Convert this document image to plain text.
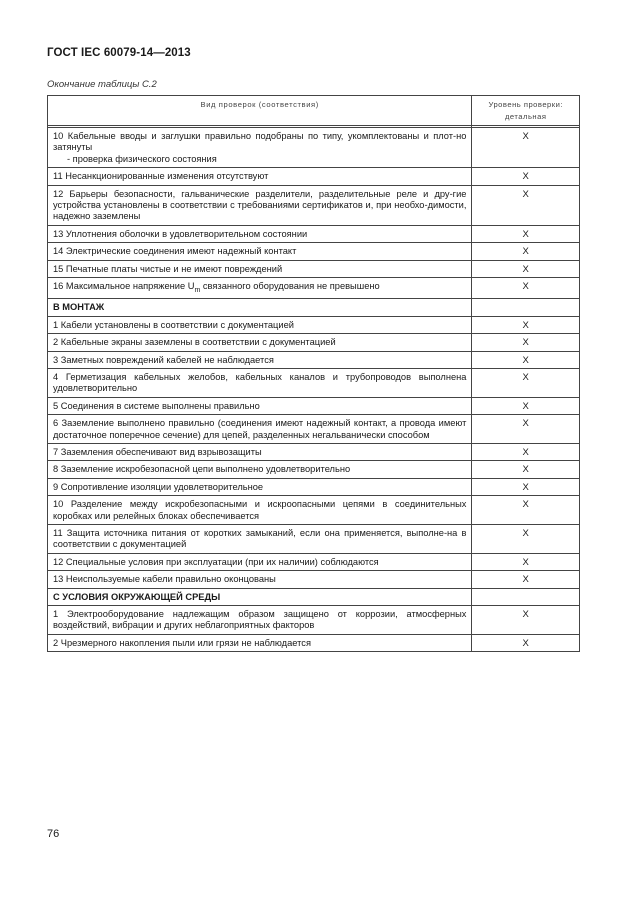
ГОСТ IEC 60079-14—2013
Окончание таблицы С.2
Вид проверок (соответствия)	Уровень проверки: детальная

10 Кабельные вводы и заглушки правильно подобраны по типу, укомплектованы и плот-но затянуты
- проверка физического состояния	X
11 Несанкционированные изменения отсутствуют	X
12 Барьеры безопасности, гальванические разделители, разделительные реле и дру-гие устройства установлены в соответствии с требованиями сертификатов и, при необхо-димости, надежно заземлены	X
13 Уплотнения оболочки в удовлетворительном состоянии	X
14 Электрические соединения имеют надежный контакт	X
15 Печатные платы чистые и не имеют повреждений	X
16 Максимальное напряжение $U_m$ связанного оборудования не превышено	X
В МОНТАЖ	
1 Кабели установлены в соответствии с документацией	X
2 Кабельные экраны заземлены в соответствии с документацией	X
3 Заметных повреждений кабелей не наблюдается	X
4 Герметизация кабельных желобов, кабельных каналов и трубопроводов выполнена удовлетворительно	X
5 Соединения в системе выполнены правильно	X
6 Заземление выполнено правильно (соединения имеют надежный контакт, а провода имеют достаточное поперечное сечение) для цепей, разделенных негальванически способом	X
7 Заземления обеспечивают вид взрывозащиты	X
8 Заземление искробезопасной цепи выполнено удовлетворительно	X
9 Сопротивление изоляции удовлетворительное	X
10 Разделение между искробезопасными и искроопасными цепями в соединительных коробках или релейных блоках обеспечивается	X
11 Защита источника питания от коротких замыканий, если она применяется, выполне-на в соответствии с документацией	X
12 Специальные условия при эксплуатации (при их наличии) соблюдаются	X
13 Неиспользуемые кабели правильно оконцованы	X
С УСЛОВИЯ ОКРУЖАЮЩЕЙ СРЕДЫ	
1 Электрооборудование надлежащим образом защищено от коррозии, атмосферных воздействий, вибрации и других неблагоприятных факторов	X
2 Чрезмерного накопления пыли или грязи не наблюдается	X
76
